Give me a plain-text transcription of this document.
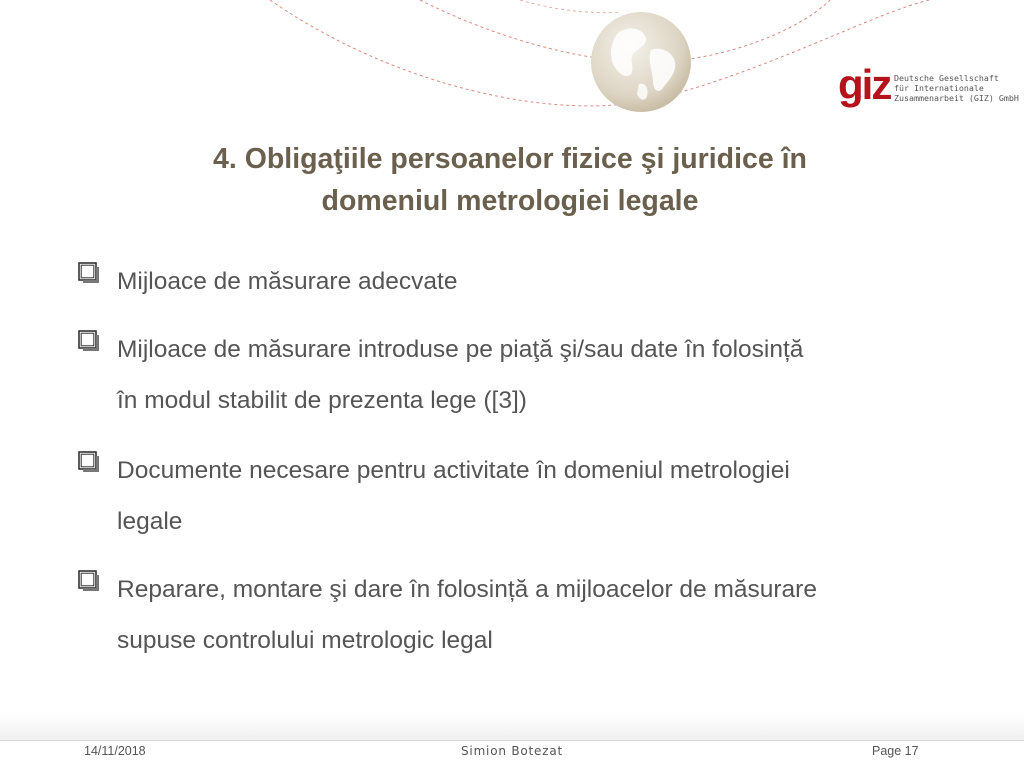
giz Deutsche Gesellschaft
für Internationale
Zusammenarbeit (GIZ) GmbH
4. Obligaţiile persoanelor fizice şi juridice în
domeniul metrologiei legale
Mijloace de măsurare adecvate
Mijloace de măsurare introduse pe piaţă şi/sau date în folosință
în modul stabilit de prezenta lege ([3])
Documente necesare pentru activitate în domeniul metrologiei
legale
Reparare, montare şi dare în folosință a mijloacelor de măsurare
supuse controlului metrologic legal
14/11/2018	Simion Botezat	Page 17
